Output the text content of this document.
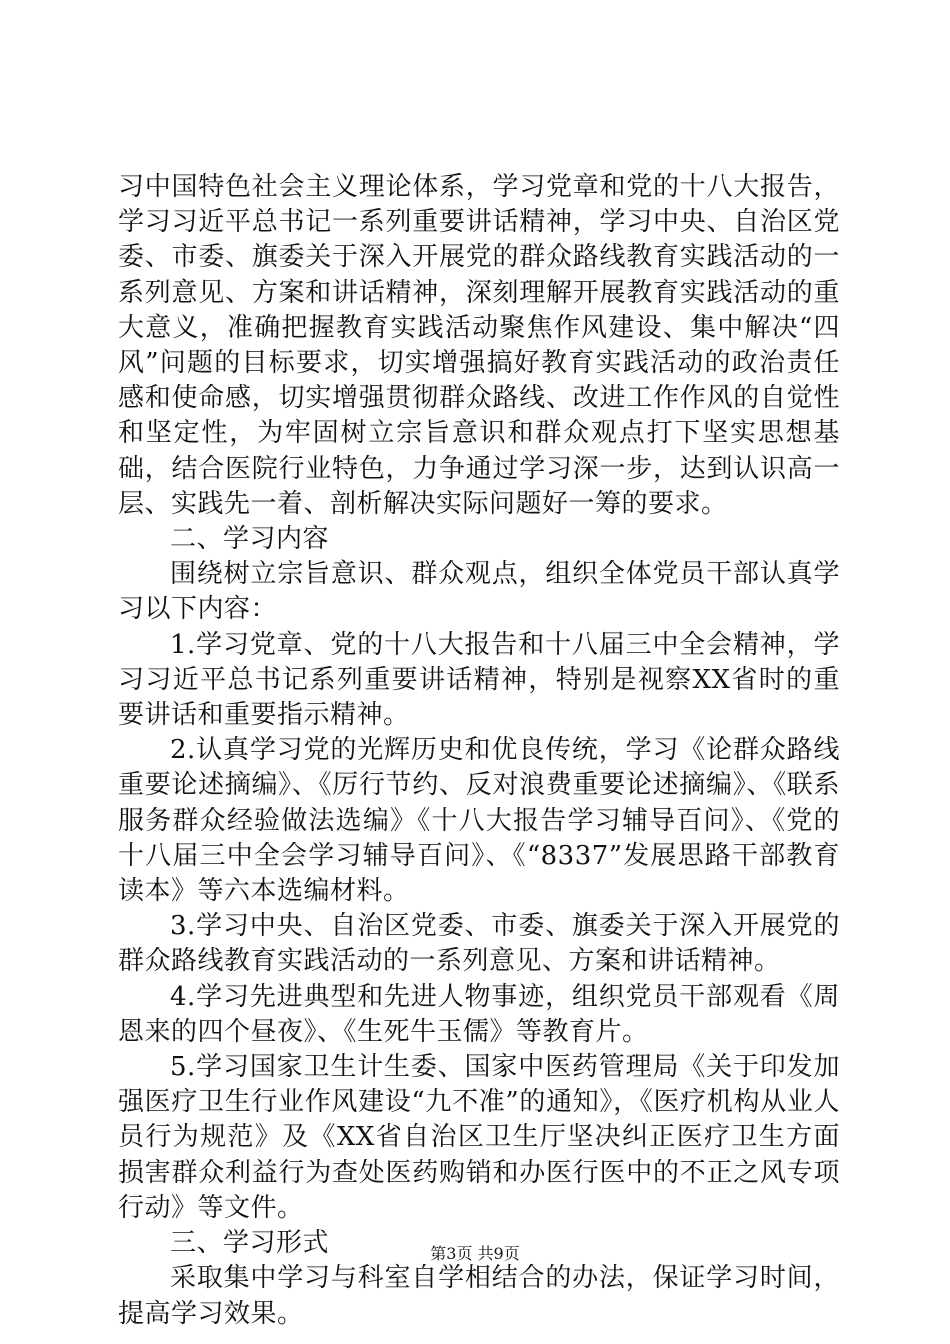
习中国特色社会主义理论体系，学习党章和党的十八大报告，学习习近平总书记一系列重要讲话精神，学习中央、自治区党委、市委、旗委关于深入开展党的群众路线教育实践活动的一系列意见、方案和讲话精神，深刻理解开展教育实践活动的重大意义，准确把握教育实践活动聚焦作风建设、集中解决“四风”问题的目标要求，切实增强搞好教育实践活动的政治责任感和使命感，切实增强贯彻群众路线、改进工作作风的自觉性和坚定性，为牢固树立宗旨意识和群众观点打下坚实思想基础，结合医院行业特色，力争通过学习深一步，达到认识高一层、实践先一着、剖析解决实际问题好一筹的要求。

二、学习内容

围绕树立宗旨意识、群众观点，组织全体党员干部认真学习以下内容：

1.学习党章、党的十八大报告和十八届三中全会精神，学习习近平总书记系列重要讲话精神，特别是视察XX省时的重要讲话和重要指示精神。

2.认真学习党的光辉历史和优良传统，学习《论群众路线重要论述摘编》、《厉行节约、反对浪费重要论述摘编》、《联系服务群众经验做法选编》《十八大报告学习辅导百问》、《党的十八届三中全会学习辅导百问》、《“8337”发展思路干部教育读本》等六本选编材料。

3.学习中央、自治区党委、市委、旗委关于深入开展党的群众路线教育实践活动的一系列意见、方案和讲话精神。

4.学习先进典型和先进人物事迹，组织党员干部观看《周恩来的四个昼夜》、《生死牛玉儒》等教育片。

5.学习国家卫生计生委、国家中医药管理局《关于印发加强医疗卫生行业作风建设“九不准”的通知》，《医疗机构从业人员行为规范》及《XX省自治区卫生厅坚决纠正医疗卫生方面损害群众利益行为查处医药购销和办医行医中的不正之风专项行动》等文件。

三、学习形式

采取集中学习与科室自学相结合的办法，保证学习时间，提高学习效果。

第3页 共9页
